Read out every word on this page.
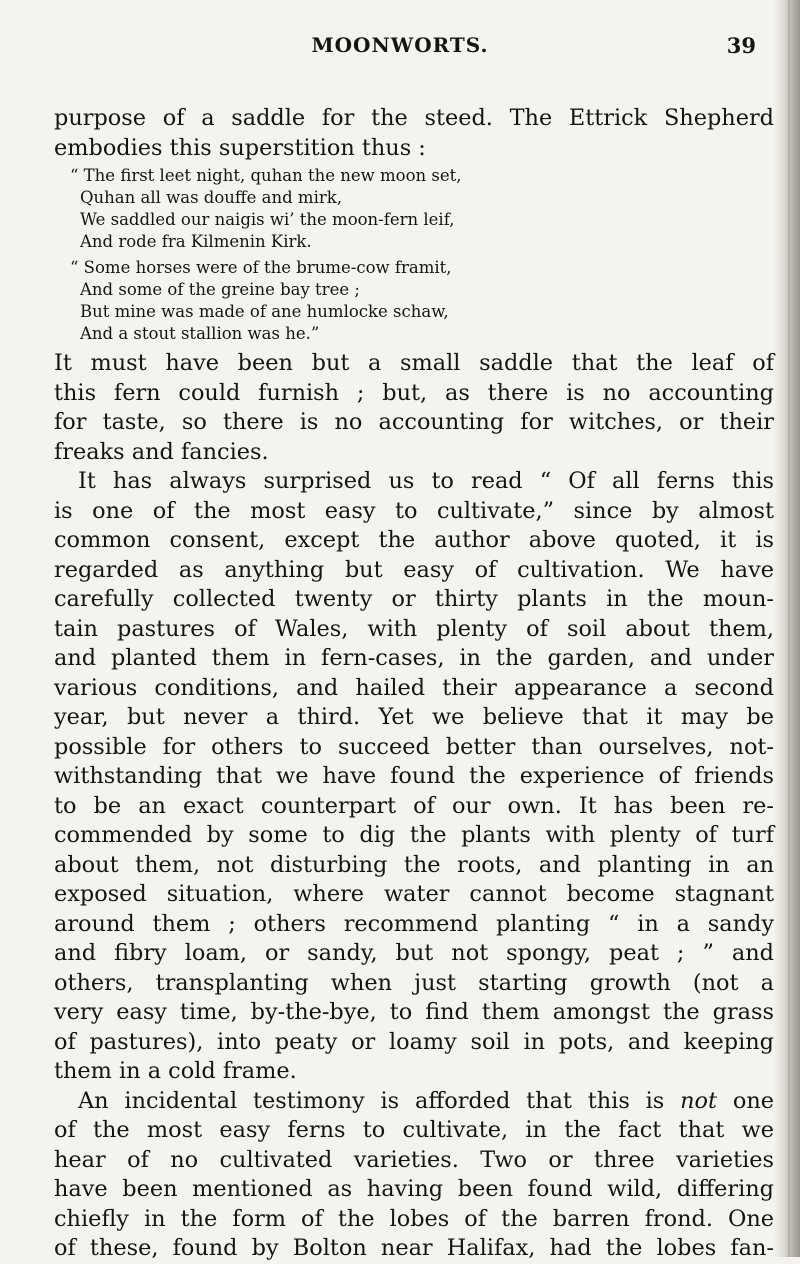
MOONWORTS.	39
purpose of a saddle for the steed. The Ettrick Shepherd
embodies this superstition thus :
“ The first leet night, quhan the new moon set,
Quhan all was douffe and mirk,
We saddled our naigis wi’ the moon-fern leif,
And rode fra Kilmenin Kirk.
“ Some horses were of the brume-cow framit,
And some of the greine bay tree ;
But mine was made of ane humlocke schaw,
And a stout stallion was he.”
It must have been but a small saddle that the leaf of
this fern could furnish ; but, as there is no accounting
for taste, so there is no accounting for witches, or their
freaks and fancies.
It has always surprised us to read “ Of all ferns this
is one of the most easy to cultivate,” since by almost
common consent, except the author above quoted, it is
regarded as anything but easy of cultivation. We have
carefully collected twenty or thirty plants in the moun-
tain pastures of Wales, with plenty of soil about them,
and planted them in fern-cases, in the garden, and under
various conditions, and hailed their appearance a second
year, but never a third. Yet we believe that it may be
possible for others to succeed better than ourselves, not-
withstanding that we have found the experience of friends
to be an exact counterpart of our own. It has been re-
commended by some to dig the plants with plenty of turf
about them, not disturbing the roots, and planting in an
exposed situation, where water cannot become stagnant
around them ; others recommend planting “ in a sandy
and fibry loam, or sandy, but not spongy, peat ; ” and
others, transplanting when just starting growth (not a
very easy time, by-the-bye, to find them amongst the grass
of pastures), into peaty or loamy soil in pots, and keeping
them in a cold frame.
An incidental testimony is afforded that this is not one
of the most easy ferns to cultivate, in the fact that we
hear of no cultivated varieties. Two or three varieties
have been mentioned as having been found wild, differing
chiefly in the form of the lobes of the barren frond. One
of these, found by Bolton near Halifax, had the lobes fan-
